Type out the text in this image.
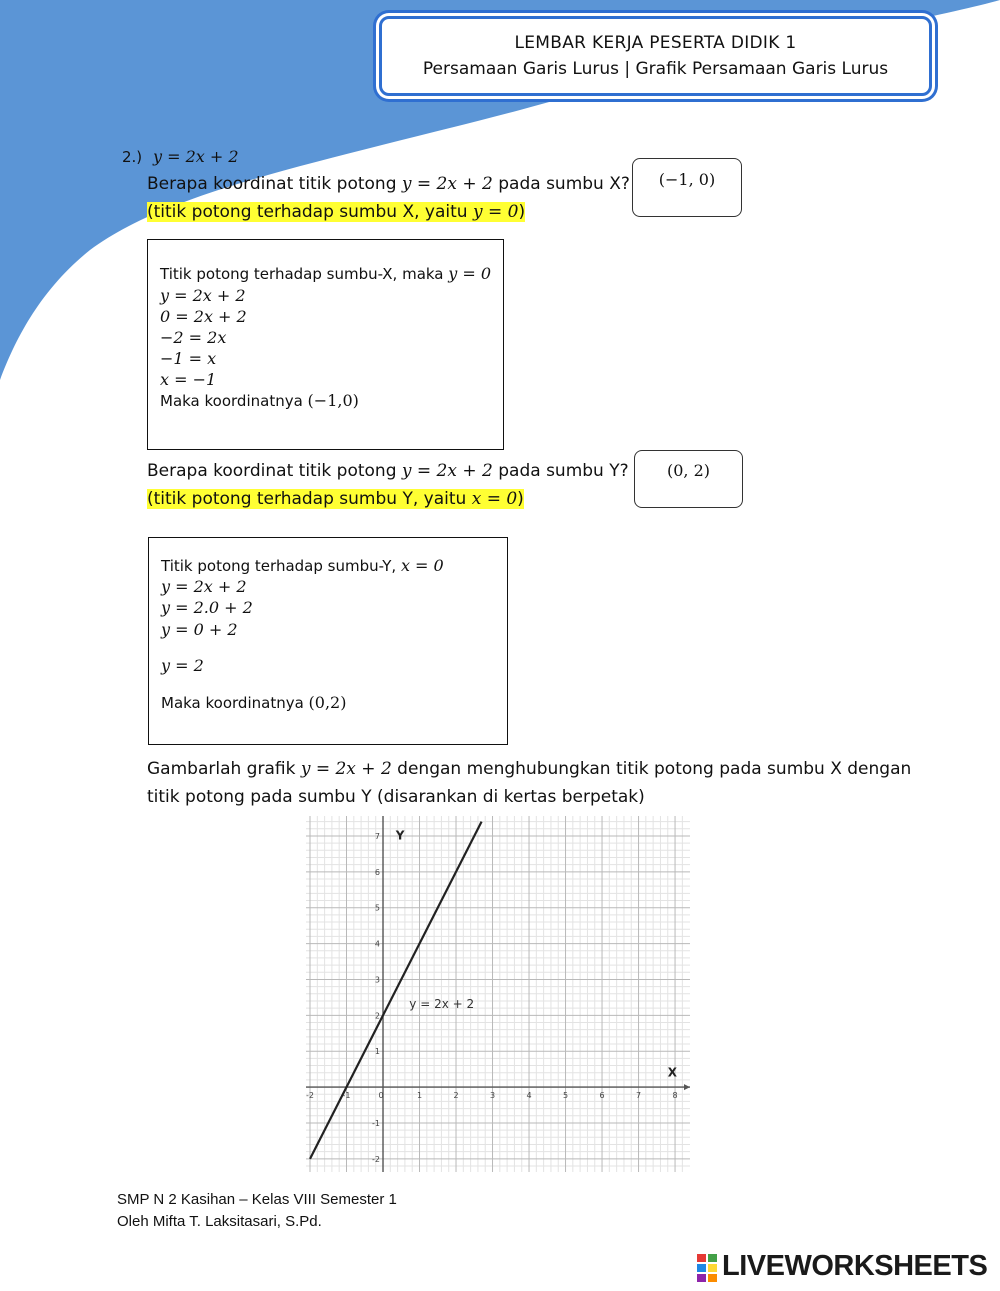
LEMBAR KERJA PESERTA DIDIK 1
Persamaan Garis Lurus | Grafik Persamaan Garis Lurus
2.) y = 2x + 2
Berapa koordinat titik potong y = 2x + 2 pada sumbu X?
(titik potong terhadap sumbu X, yaitu y = 0)
(−1, 0)
Titik potong terhadap sumbu-X, maka y = 0
y = 2x + 2
0 = 2x + 2
−2 = 2x
−1 = x
x = −1
Maka koordinatnya (−1,0)
Berapa koordinat titik potong y = 2x + 2 pada sumbu Y?
(titik potong terhadap sumbu Y, yaitu x = 0)
(0, 2)
Titik potong terhadap sumbu-Y, x = 0
y = 2x + 2
y = 2.0 + 2
y = 0 + 2
y = 2
Maka koordinatnya (0,2)
Gambarlah grafik y = 2x + 2 dengan menghubungkan titik potong pada sumbu X dengan
titik potong pada sumbu Y (disarankan di kertas berpetak)
-2	-1	0	1	2	3	4	5	6	7	8
-2
-1
1
2
3
4
5
6
7
X
Y
y = 2x + 2
SMP N 2 Kasihan – Kelas VIII Semester 1
Oleh Mifta T. Laksitasari, S.Pd.
LIVEWORKSHEETS
